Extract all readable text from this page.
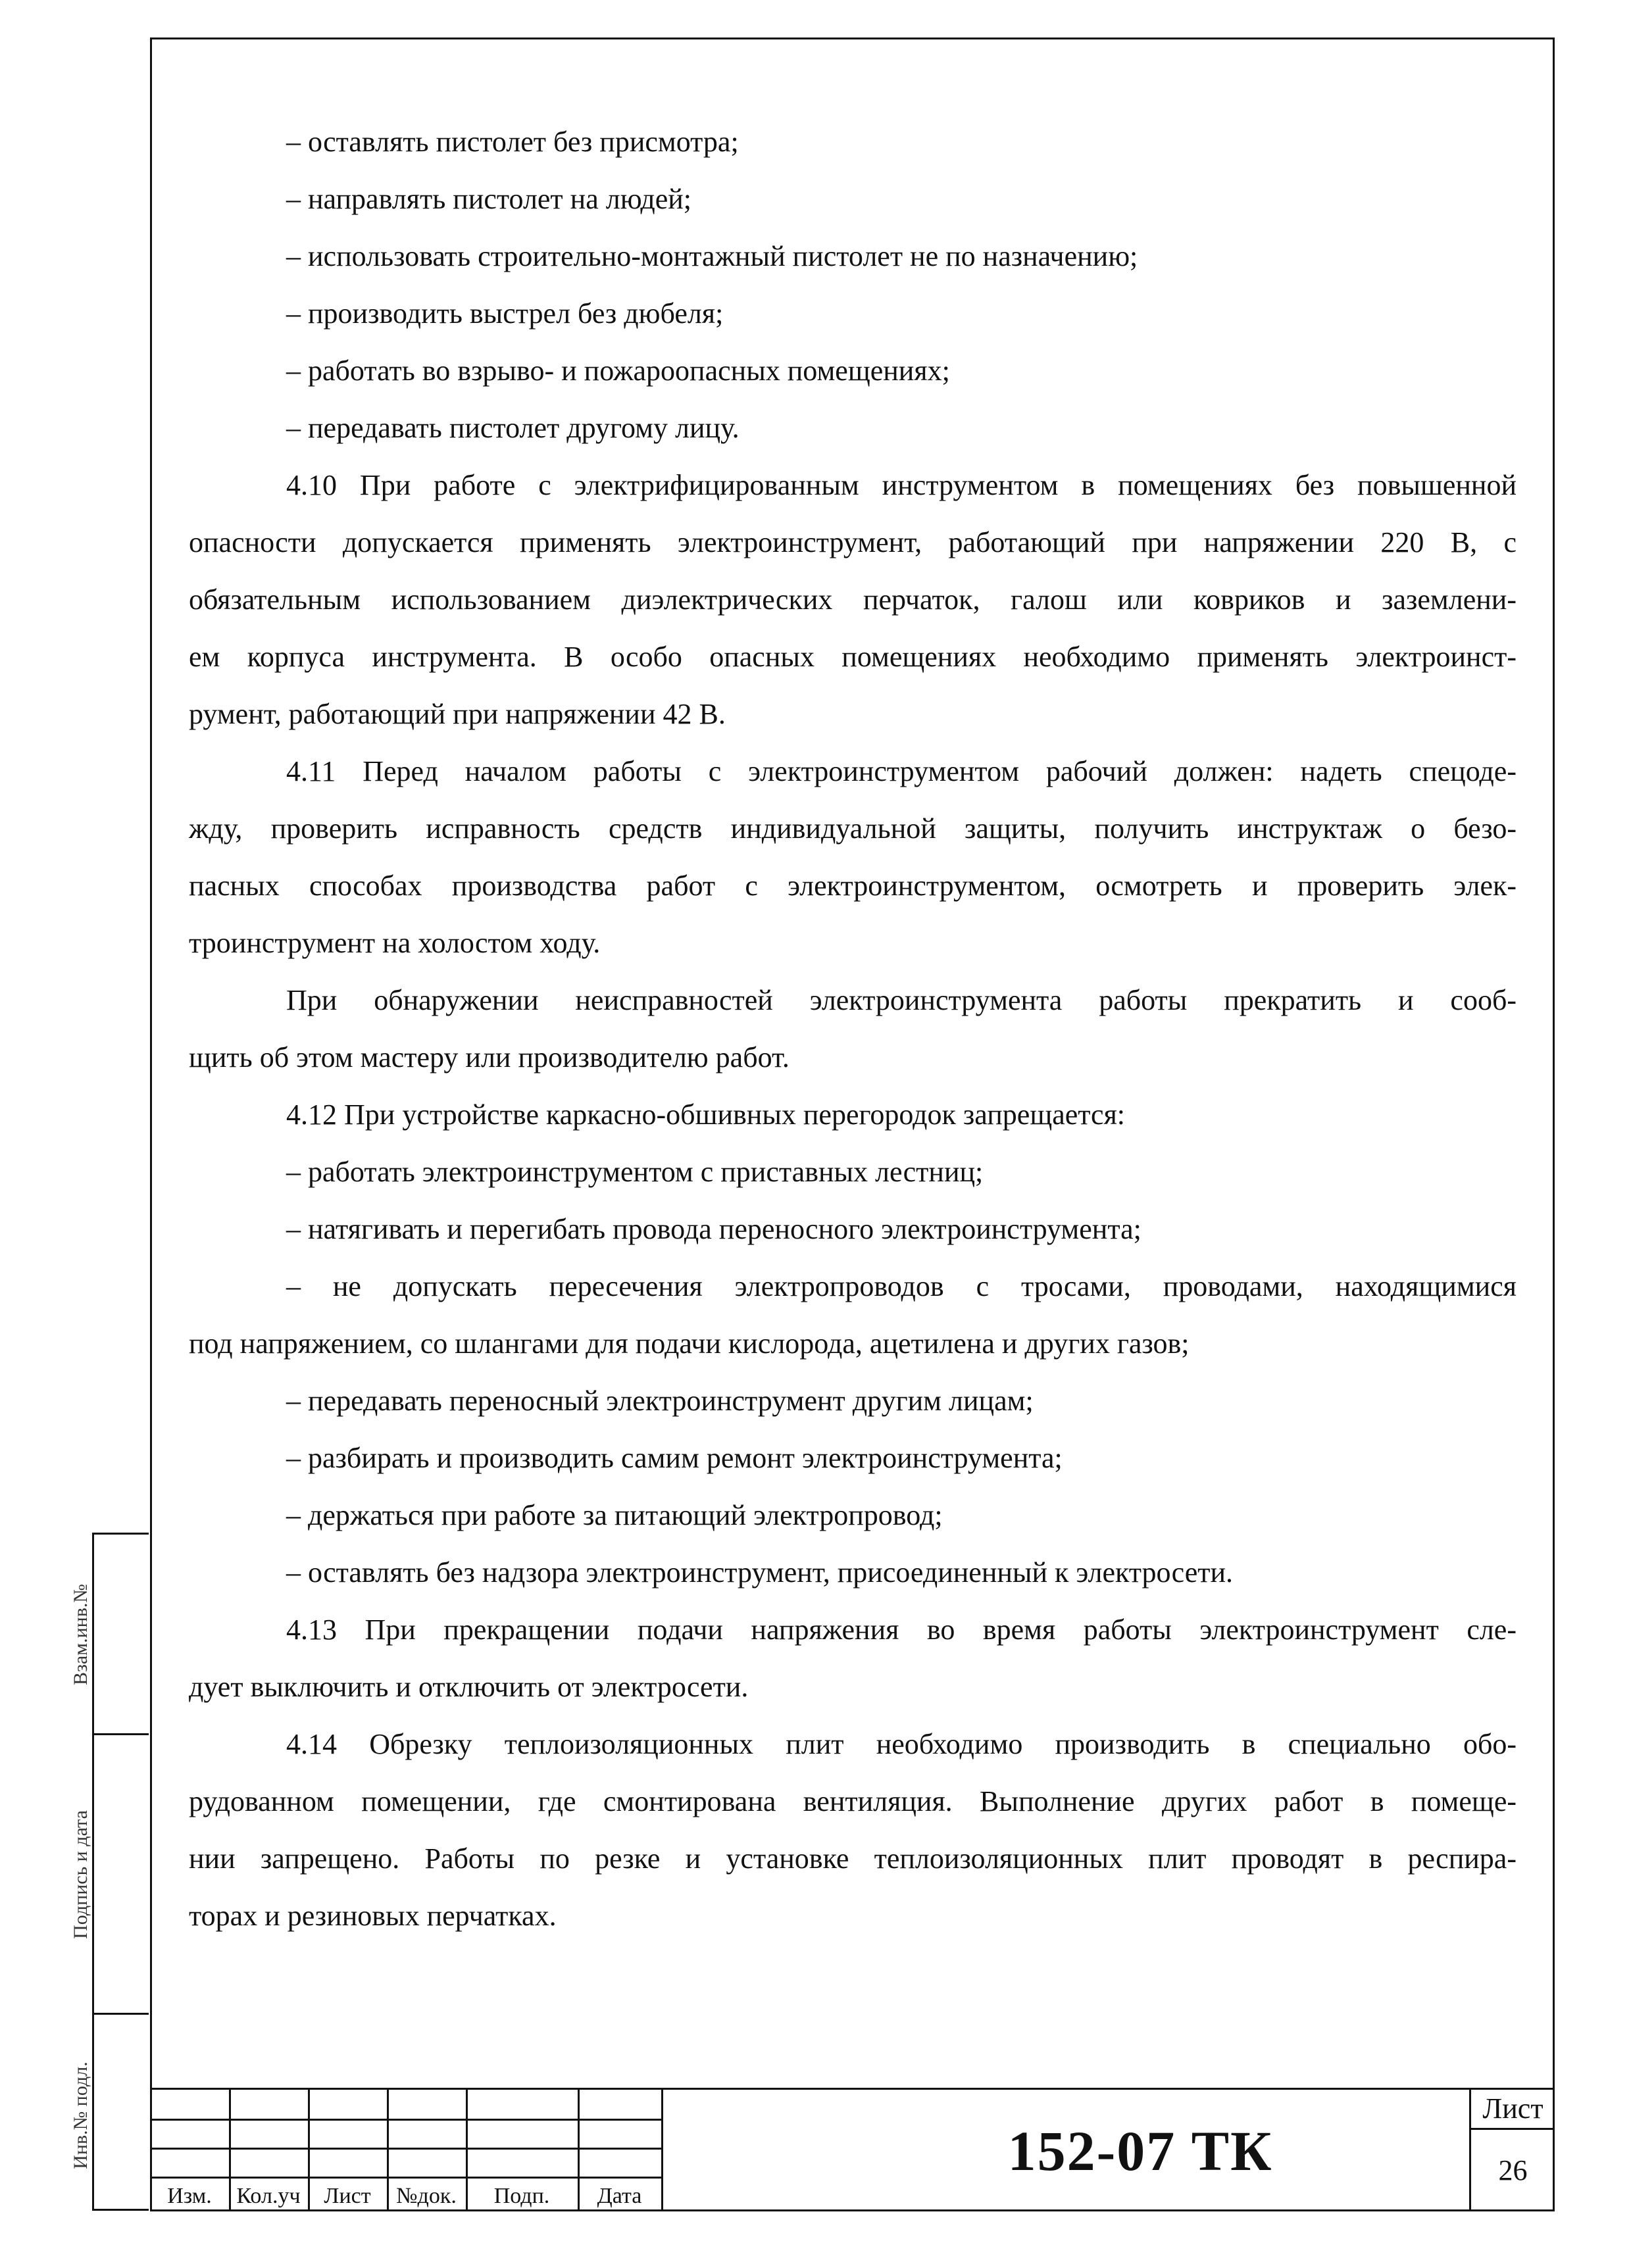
Взам.инв.№
Подпись и дата
Инв.№ подл.
– оставлять пистолет без присмотра;
– направлять пистолет на людей;
– использовать строительно-монтажный пистолет не по назначению;
– производить выстрел без дюбеля;
– работать во взрыво- и пожароопасных помещениях;
– передавать пистолет другому лицу.
4.10 При работе с электрифицированным инструментом в помещениях без повышенной
опасности допускается применять электроинструмент, работающий при напряжении 220 В, с
обязательным использованием диэлектрических перчаток, галош или ковриков и заземлени-
ем корпуса инструмента. В особо опасных помещениях необходимо применять электроинст-
румент, работающий при напряжении 42 В.
4.11 Перед началом работы с электроинструментом рабочий должен: надеть спецоде-
жду, проверить исправность средств индивидуальной защиты, получить инструктаж о безо-
пасных способах производства работ с электроинструментом, осмотреть и проверить элек-
троинструмент на холостом ходу.
При обнаружении неисправностей электроинструмента работы прекратить и сооб-
щить об этом мастеру или производителю работ.
4.12 При устройстве каркасно-обшивных перегородок запрещается:
– работать электроинструментом с приставных лестниц;
– натягивать и перегибать провода переносного электроинструмента;
– не допускать пересечения электропроводов с тросами, проводами, находящимися
под напряжением, со шлангами для подачи кислорода, ацетилена и других газов;
– передавать переносный электроинструмент другим лицам;
– разбирать и производить самим ремонт электроинструмента;
– держаться при работе за питающий электропровод;
– оставлять без надзора электроинструмент, присоединенный к электросети.
4.13 При прекращении подачи напряжения во время работы электроинструмент сле-
дует выключить и отключить от электросети.
4.14 Обрезку теплоизоляционных плит необходимо производить в специально обо-
рудованном помещении, где смонтирована вентиляция. Выполнение других работ в помеще-
нии запрещено. Работы по резке и установке теплоизоляционных плит проводят в респира-
торах и резиновых перчатках.
Изм.	Кол.уч	Лист	№док.	Подп.	Дата
152-07 ТК
Лист
26
